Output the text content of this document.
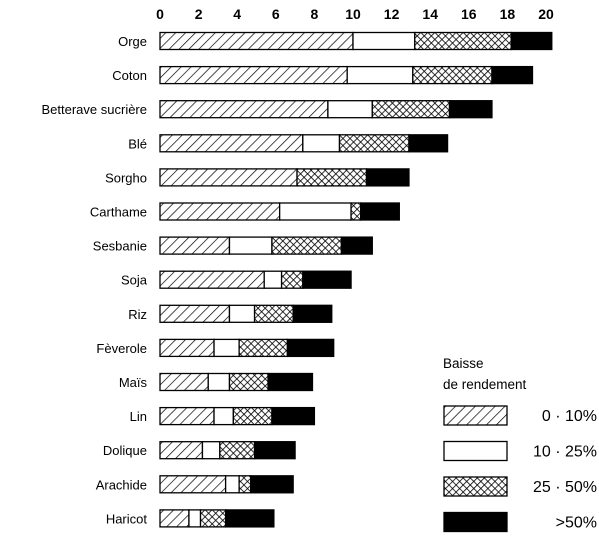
0 2 4 6 8 10 12 14 16 18 20
Orge
Coton
Betterave sucrière
Blé
Sorgho
Carthame
Sesbanie
Soja
Riz
Fèverole
Maïs
Lin
Dolique
Arachide
Haricot
Baisse
de rendement
0 · 10%
10 · 25%
25 · 50%
>50%
